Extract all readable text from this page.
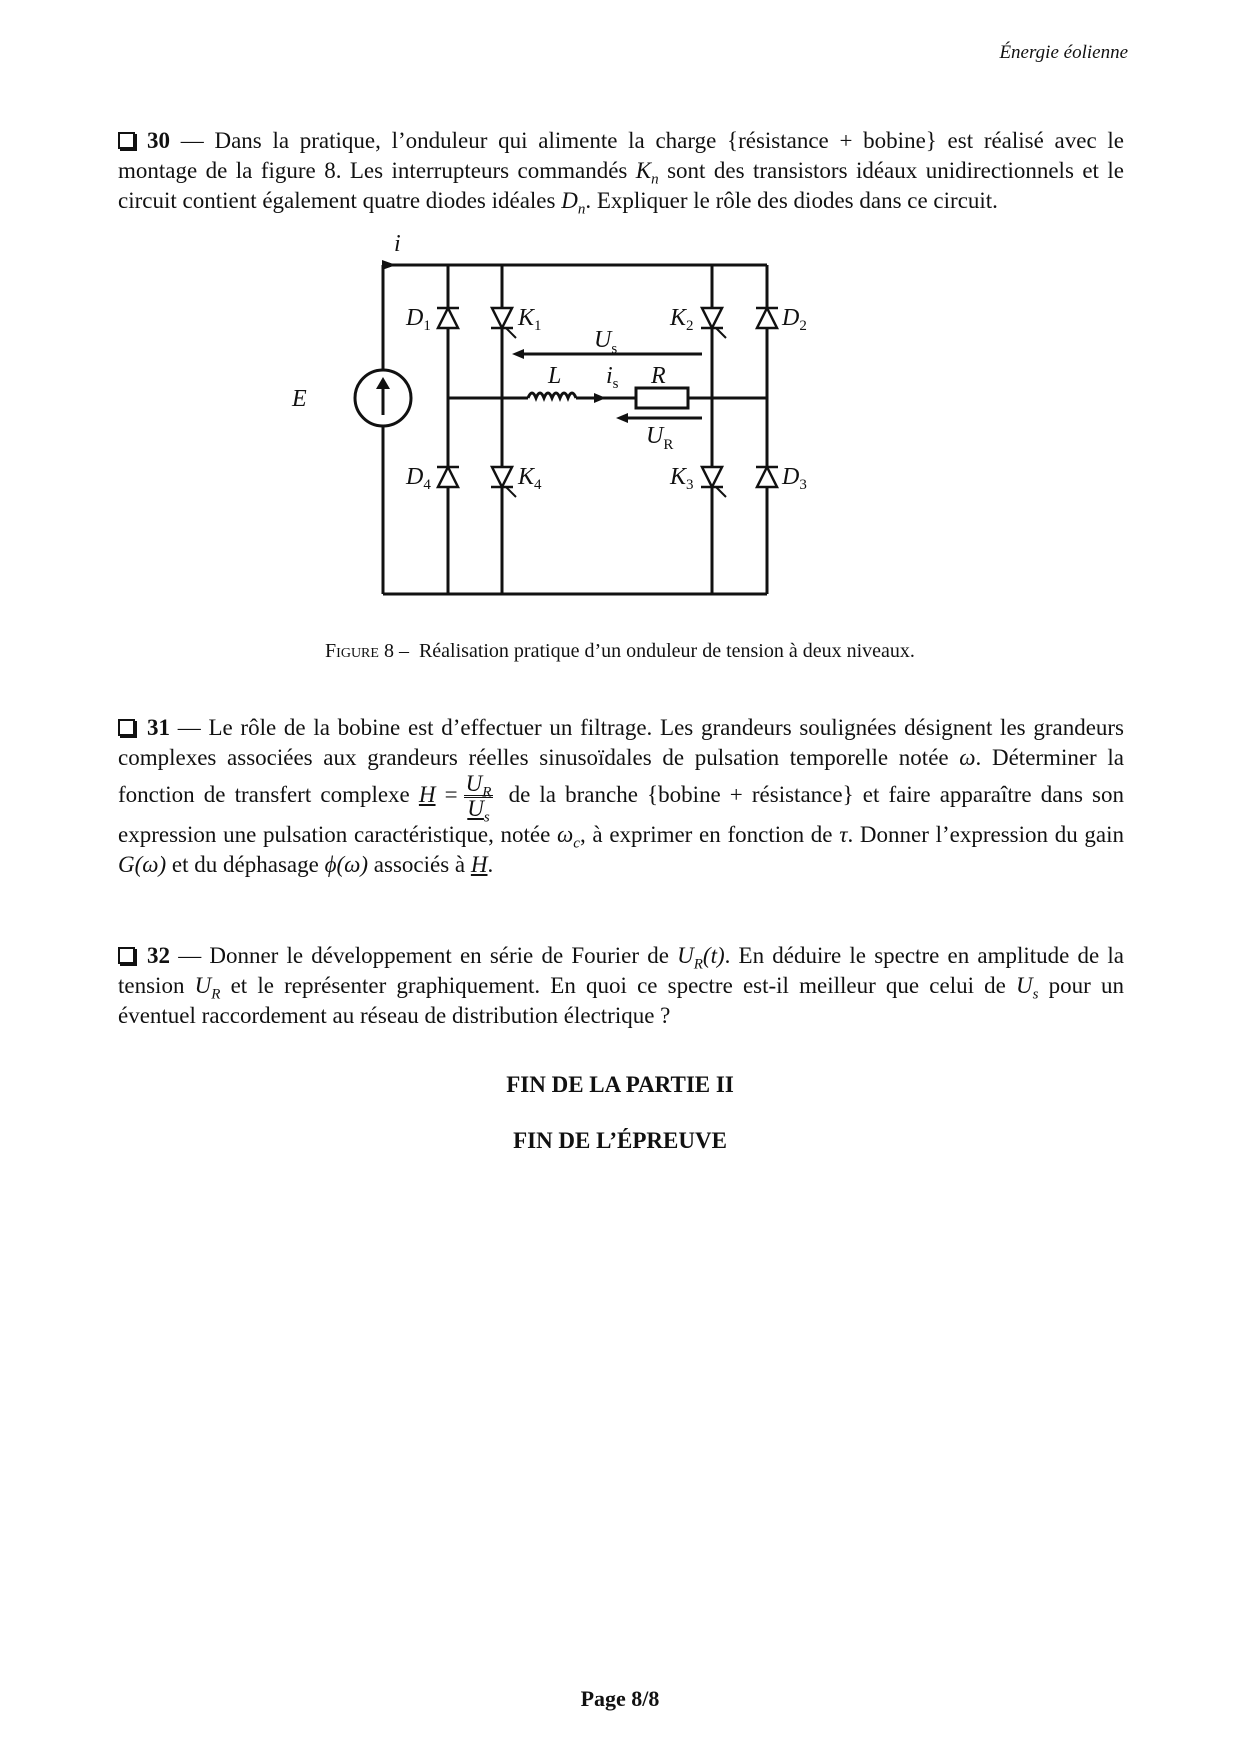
Énergie éolienne
30 — Dans la pratique, l’onduleur qui alimente la charge {résistance + bobine} est réalisé avec le montage de la figure 8. Les interrupteurs commandés $K_n$ sont des transistors idéaux unidirectionnels et le circuit contient également quatre diodes idéales $D_n$. Expliquer le rôle des diodes dans ce circuit.
i
E
L	R
$i_s$
$U_s$
$U_R$
$D_1$	$K_1$	$K_2$	$D_2$
$D_4$	$K_4$	$K_3$	$D_3$
Figure 8 – Réalisation pratique d’un onduleur de tension à deux niveaux.
31 — Le rôle de la bobine est d’effectuer un filtrage. Les grandeurs soulignées désignent les grandeurs complexes associées aux grandeurs réelles sinusoïdales de pulsation temporelle notée ω. Déterminer la fonction de transfert complexe $H = \frac{U_R}{U_s}$ de la branche {bobine + résistance} et faire apparaître dans son expression une pulsation caractéristique, notée $\omega_c$, à exprimer en fonction de τ. Donner l’expression du gain G(ω) et du déphasage ϕ(ω) associés à H.
32 — Donner le développement en série de Fourier de $U_R(t)$. En déduire le spectre en amplitude de la tension $U_R$ et le représenter graphiquement. En quoi ce spectre est-il meilleur que celui de $U_s$ pour un éventuel raccordement au réseau de distribution électrique ?
FIN DE LA PARTIE II
FIN DE L’ÉPREUVE
Page 8/8
